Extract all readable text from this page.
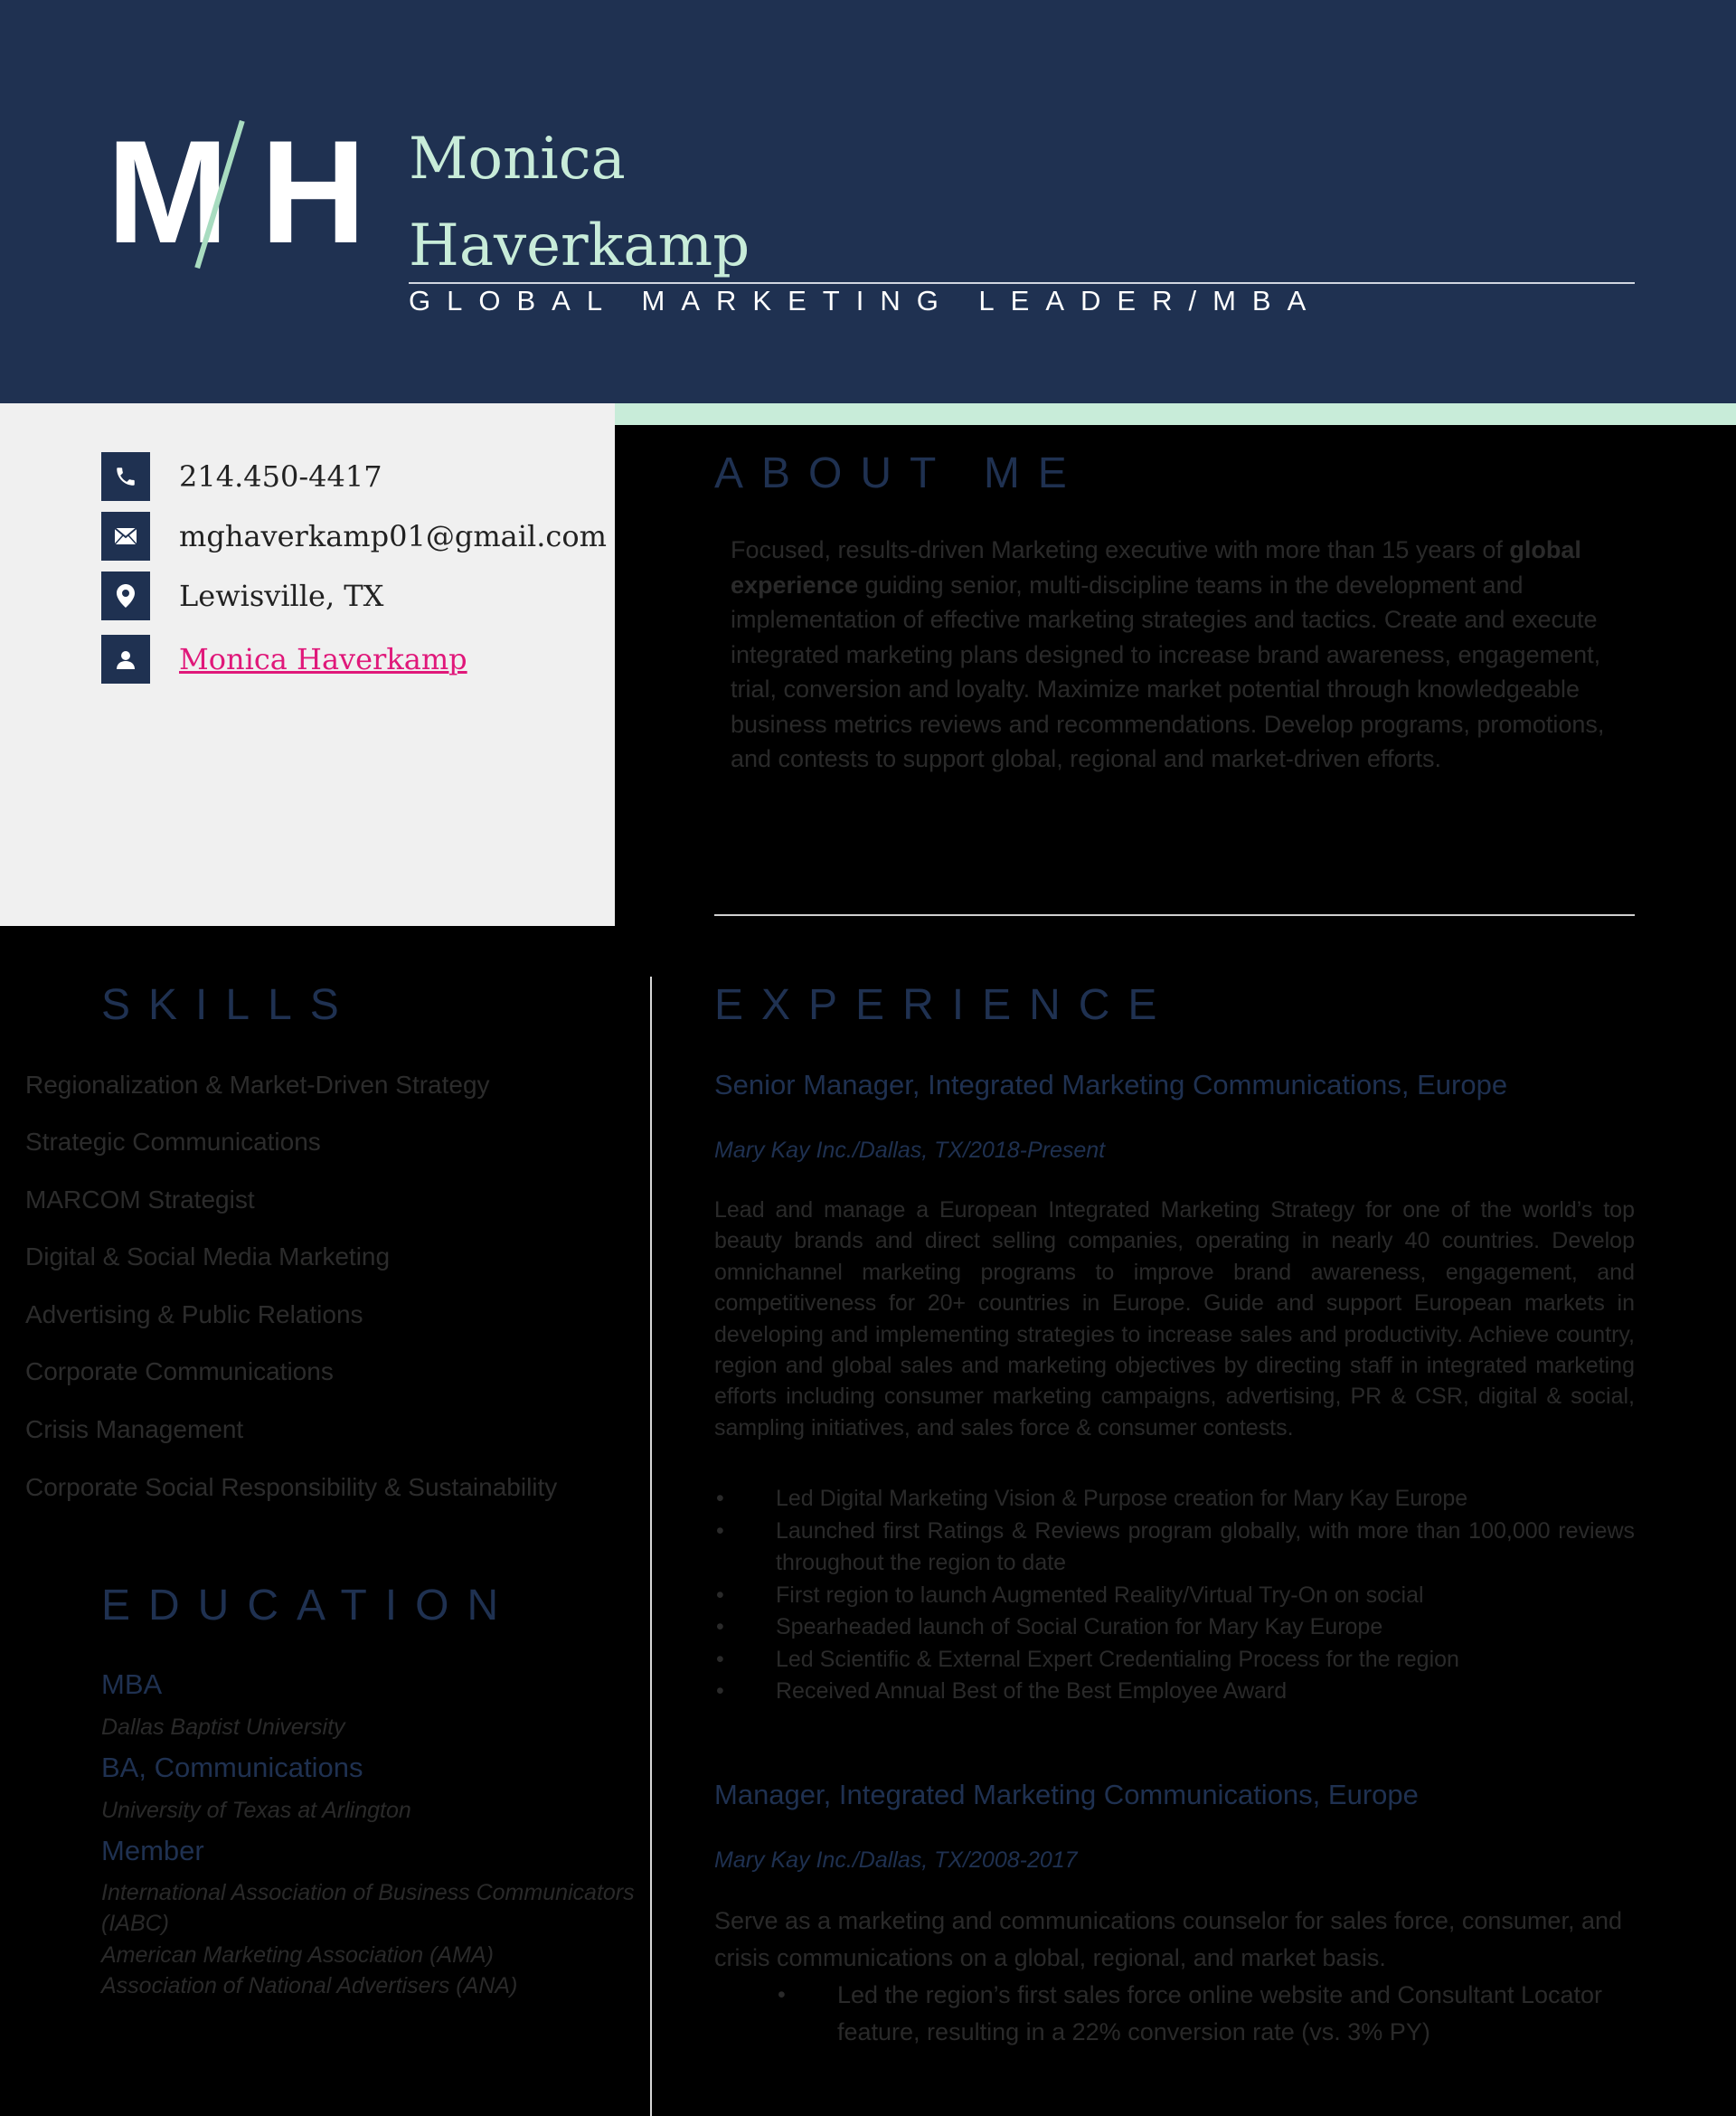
M H Monica
Haverkamp
GLOBAL MARKETING LEADER/MBA
214.450-4417
mghaverkamp01@gmail.com
Lewisville, TX
Monica Haverkamp
ABOUT ME
Focused, results-driven Marketing executive with more than 15 years of global experience guiding senior, multi-discipline teams in the development and implementation of effective marketing strategies and tactics. Create and execute integrated marketing plans designed to increase brand awareness, engagement, trial, conversion and loyalty. Maximize market potential through knowledgeable business metrics reviews and recommendations. Develop programs, promotions, and contests to support global, regional and market-driven efforts.
SKILLS
Regionalization & Market-Driven Strategy
Strategic Communications
MARCOM Strategist
Digital & Social Media Marketing
Advertising & Public Relations
Corporate Communications
Crisis Management
Corporate Social Responsibility & Sustainability
EDUCATION
MBA
Dallas Baptist University
BA, Communications
University of Texas at Arlington
Member
International Association of Business Communicators
(IABC)
American Marketing Association (AMA)
Association of National Advertisers (ANA)
EXPERIENCE
Senior Manager, Integrated Marketing Communications, Europe
Mary Kay Inc./Dallas, TX/2018-Present
Lead and manage a European Integrated Marketing Strategy for one of the world’s top beauty brands and direct selling companies, operating in nearly 40 countries. Develop omnichannel marketing programs to improve brand awareness, engagement, and competitiveness for 20+ countries in Europe. Guide and support European markets in developing and implementing strategies to increase sales and productivity. Achieve country, region and global sales and marketing objectives by directing staff in integrated marketing efforts including consumer marketing campaigns, advertising, PR & CSR, digital & social, sampling initiatives, and sales force & consumer contests.
• Led Digital Marketing Vision & Purpose creation for Mary Kay Europe
• Launched first Ratings & Reviews program globally, with more than 100,000 reviews throughout the region to date
• First region to launch Augmented Reality/Virtual Try-On on social
• Spearheaded launch of Social Curation for Mary Kay Europe
• Led Scientific & External Expert Credentialing Process for the region
• Received Annual Best of the Best Employee Award
Manager, Integrated Marketing Communications, Europe
Mary Kay Inc./Dallas, TX/2008-2017
Serve as a marketing and communications counselor for sales force, consumer, and crisis communications on a global, regional, and market basis.
• Led the region’s first sales force online website and Consultant Locator feature, resulting in a 22% conversion rate (vs. 3% PY)
